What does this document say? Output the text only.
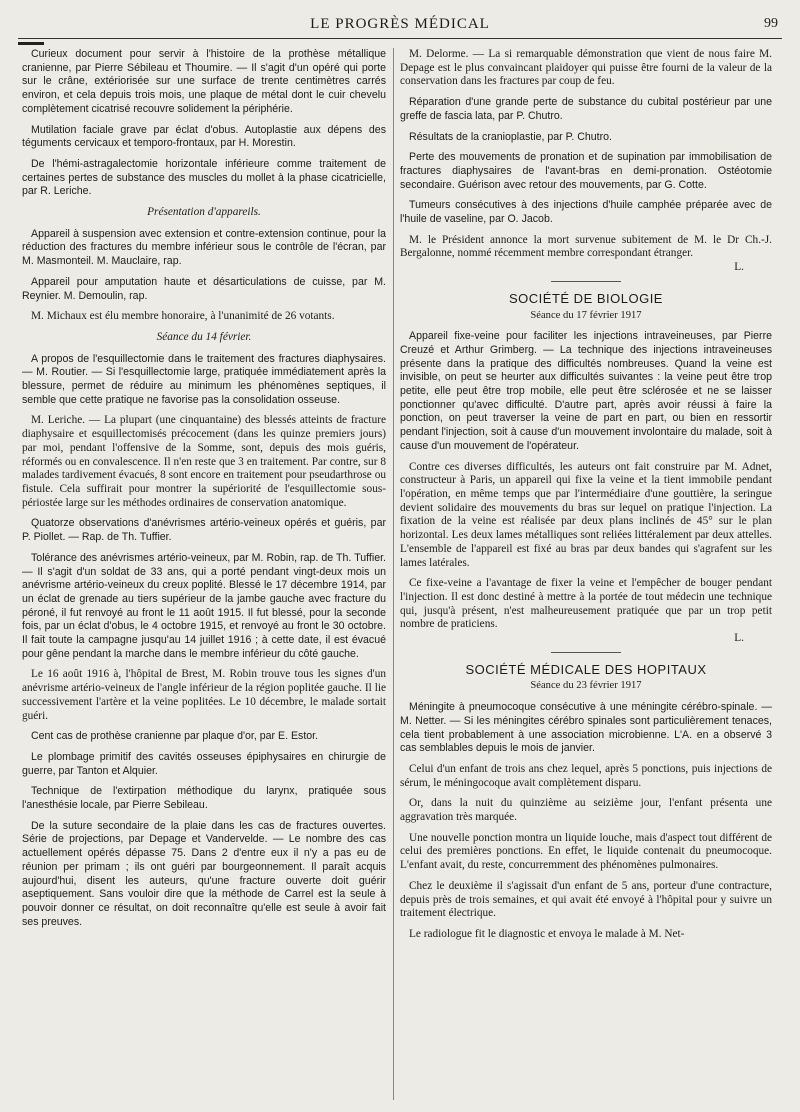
LE PROGRÈS MÉDICAL	99

Curieux document pour servir à l'histoire de la prothèse métallique cranienne, par Pierre Sébileau et Thoumire. — Il s'agit d'un opéré qui porte sur le crâne, extériorisée sur une surface de trente centimètres carrés environ, et cela depuis trois mois, une plaque de métal dont le cuir chevelu complètement cicatrisé recouvre solidement la périphérie.

Mutilation faciale grave par éclat d'obus. Autoplastie aux dépens des téguments cervicaux et temporo-frontaux, par H. Morestin.

De l'hémi-astragalectomie horizontale inférieure comme traitement de certaines pertes de substance des muscles du mollet à la phase cicatricielle, par R. Leriche.

Présentation d'appareils.

Appareil à suspension avec extension et contre-extension continue, pour la réduction des fractures du membre inférieur sous le contrôle de l'écran, par M. Masmonteil. M. Mauclaire, rap.

Appareil pour amputation haute et désarticulations de cuisse, par M. Reynier. M. Demoulin, rap.

M. Michaux est élu membre honoraire, à l'unanimité de 26 votants.

Séance du 14 février.

A propos de l'esquillectomie dans le traitement des fractures diaphysaires. — M. Routier. — Si l'esquillectomie large, pratiquée immédiatement après la blessure, permet de réduire au minimum les phénomènes septiques, il semble que cette pratique ne favorise pas la consolidation osseuse.

M. Leriche. — La plupart (une cinquantaine) des blessés atteints de fracture diaphysaire et esquillectomisés précocement (dans les quinze premiers jours) par moi, pendant l'offensive de la Somme, sont, depuis des mois guéris, réformés ou en convalescence. Il n'en reste que 3 en traitement. Par contre, sur 8 malades tardivement évacués, 8 sont encore en traitement pour pseudarthrose ou fistule. Cela suffirait pour montrer la supériorité de l'esquillectomie sous-périostée large sur les méthodes ordinaires de conservation anatomique.

Quatorze observations d'anévrismes artério-veineux opérés et guéris, par P. Piollet. — Rap. de Th. Tuffier.

Tolérance des anévrismes artério-veineux, par M. Robin, rap. de Th. Tuffier. — Il s'agit d'un soldat de 33 ans, qui a porté pendant vingt-deux mois un anévrisme artério-veineux du creux poplité. Blessé le 17 décembre 1914, par un éclat de grenade au tiers supérieur de la jambe gauche avec fracture du péroné, il fut renvoyé au front le 11 août 1915. Il fut blessé, pour la seconde fois, par un éclat d'obus, le 4 octobre 1915, et renvoyé au front le 30 octobre. Il fait toute la campagne jusqu'au 14 juillet 1916 ; à cette date, il est évacué pour gêne pendant la marche dans le membre inférieur du côté gauche.

Le 16 août 1916 à, l'hôpital de Brest, M. Robin trouve tous les signes d'un anévrisme artério-veineux de l'angle inférieur de la région poplitée gauche. Il lie successivement l'artère et la veine poplitées. Le 10 décembre, le malade sortait guéri.

Cent cas de prothèse cranienne par plaque d'or, par E. Estor.

Le plombage primitif des cavités osseuses épiphysaires en chirurgie de guerre, par Tanton et Alquier.

Technique de l'extirpation méthodique du larynx, pratiquée sous l'anesthésie locale, par Pierre Sebileau.

De la suture secondaire de la plaie dans les cas de fractures ouvertes. Série de projections, par Depage et Vandervelde. — Le nombre des cas actuellement opérés dépasse 75. Dans 2 d'entre eux il n'y a pas eu de réunion per primam ; ils ont guéri par bourgeonnement. Il paraît acquis aujourd'hui, disent les auteurs, qu'une fracture ouverte doit guérir aseptiquement. Sans vouloir dire que la méthode de Carrel est la seule à pouvoir donner ce résultat, on doit reconnaître qu'elle est seule à avoir fait ses preuves.

M. Delorme. — La si remarquable démonstration que vient de nous faire M. Depage est le plus convaincant plaidoyer qui puisse être fourni de la valeur de la conservation dans les fractures par coup de feu.

Réparation d'une grande perte de substance du cubital postérieur par une greffe de fascia lata, par P. Chutro.

Résultats de la cranioplastie, par P. Chutro.

Perte des mouvements de pronation et de supination par immobilisation de fractures diaphysaires de l'avant-bras en demi-pronation. Ostéotomie secondaire. Guérison avec retour des mouvements, par G. Cotte.

Tumeurs consécutives à des injections d'huile camphée préparée avec de l'huile de vaseline, par O. Jacob.

M. le Président annonce la mort survenue subitement de M. le Dr Ch.-J. Bergalonne, nommé récemment membre correspondant étranger.

L.
SOCIÉTÉ DE BIOLOGIE
Séance du 17 février 1917

Appareil fixe-veine pour faciliter les injections intraveineuses, par Pierre Creuzé et Arthur Grimberg. — La technique des injections intraveineuses présente dans la pratique des difficultés nombreuses. Quand la veine est invisible, on peut se heurter aux difficultés suivantes : la veine peut être trop petite, elle peut être trop mobile, elle peut être sclérosée et ne se laisser ponctionner qu'avec difficulté. D'autre part, après avoir réussi à faire la ponction, on peut traverser la veine de part en part, ou bien en ressortir pendant l'injection, soit à cause d'un mouvement involontaire du malade, soit à cause d'un mouvement de l'opérateur.

Contre ces diverses difficultés, les auteurs ont fait construire par M. Adnet, constructeur à Paris, un appareil qui fixe la veine et la tient immobile pendant l'opération, en même temps que par l'intermédiaire d'une gouttière, la seringue devient solidaire des mouvements du bras sur lequel on pratique l'injection. La fixation de la veine est réalisée par deux plans inclinés de 45° sur le plan horizontal. Les deux lames métalliques sont reliées littéralement par deux attelles. L'ensemble de l'appareil est fixé au bras par deux bandes qui s'agrafent sur les lames latérales.

Ce fixe-veine a l'avantage de fixer la veine et l'empêcher de bouger pendant l'injection. Il est donc destiné à mettre à la portée de tout médecin une technique qui, jusqu'à présent, n'est malheureusement pratiquée que par un trop petit nombre de praticiens.

L.
SOCIÉTÉ MÉDICALE DES HOPITAUX
Séance du 23 février 1917

Méningite à pneumocoque consécutive à une méningite cérébro-spinale. — M. Netter. — Si les méningites cérébro spinales sont particulièrement tenaces, cela tient probablement à une association microbienne. L'A. en a observé 3 cas semblables depuis le mois de janvier.

Celui d'un enfant de trois ans chez lequel, après 5 ponctions, puis injections de sérum, le méningocoque avait complètement disparu.

Or, dans la nuit du quinzième au seizième jour, l'enfant présenta une aggravation très marquée.

Une nouvelle ponction montra un liquide louche, mais d'aspect tout différent de celui des premières ponctions. En effet, le liquide contenait du pneumocoque. L'enfant avait, du reste, concurremment des phénomènes pulmonaires.

Chez le deuxième il s'agissait d'un enfant de 5 ans, porteur d'une contracture, depuis près de trois semaines, et qui avait été envoyé à l'hôpital pour y suivre un traitement électrique.

Le radiologue fit le diagnostic et envoya le malade à M. Net-
